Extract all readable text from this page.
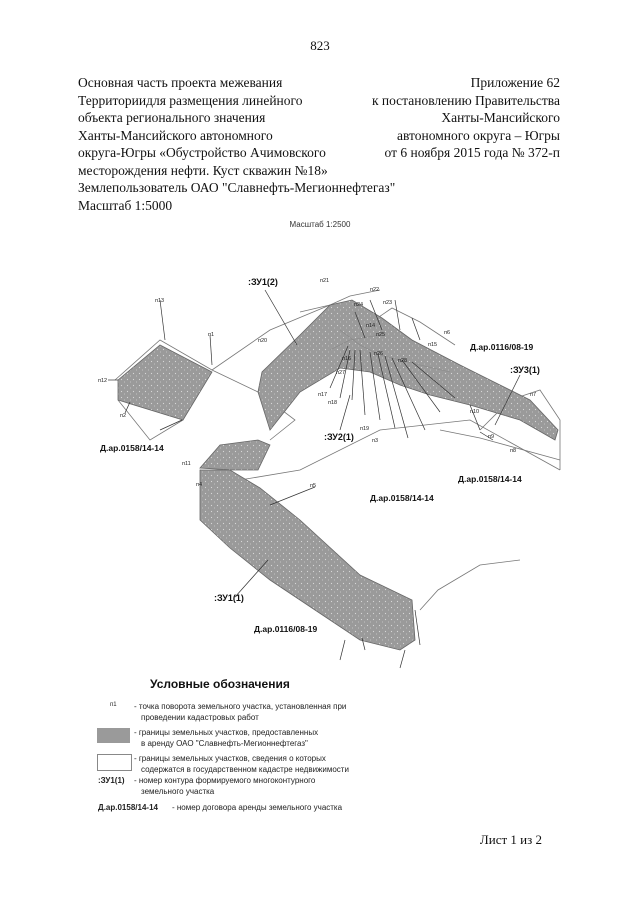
823
Основная часть проекта межевания
Территориидля размещения линейного
объекта регионального значения
Ханты-Мансийского автономного
округа-Югры «Обустройство Ачимовского
месторождения нефти. Куст скважин №18»
Землепользователь ОАО "Славнефть-Мегионнефтегаз"
Масштаб 1:5000
Приложение 62
к постановлению Правительства
Ханты-Мансийского
автономного округа – Югры
от 6 ноября 2015 года № 372-п
Масштаб 1:2500
:ЗУ1(2)
:ЗУ2(1)
:ЗУ3(1)
:ЗУ1(1)
Д.ар.0116/08-19
Д.ар.0158/14-14
Д.ар.0158/14-14
Д.ар.0158/14-14
Д.ар.0116/08-19
п21
п22
п23
п1
п14
п10
п11
п12
п13
п9
п8
п5
п6
п15
п16
п17
п18
п19
п20
п2
п3
п4
п7
п24
п25
п26
п27
п28
Условные обозначения
п1 - точка поворота земельного участка, установленная при
проведении кадастровых работ
- границы земельных участков, предоставленных
в аренду ОАО "Славнефть-Мегионнефтегаз"
- границы земельных участков, сведения о которых
содержатся в государственном кадастре недвижимости
:ЗУ1(1) - номер контура формируемого многоконтурного
земельного участка
Д.ар.0158/14-14 - номер договора аренды земельного участка
Лист 1 из 2
